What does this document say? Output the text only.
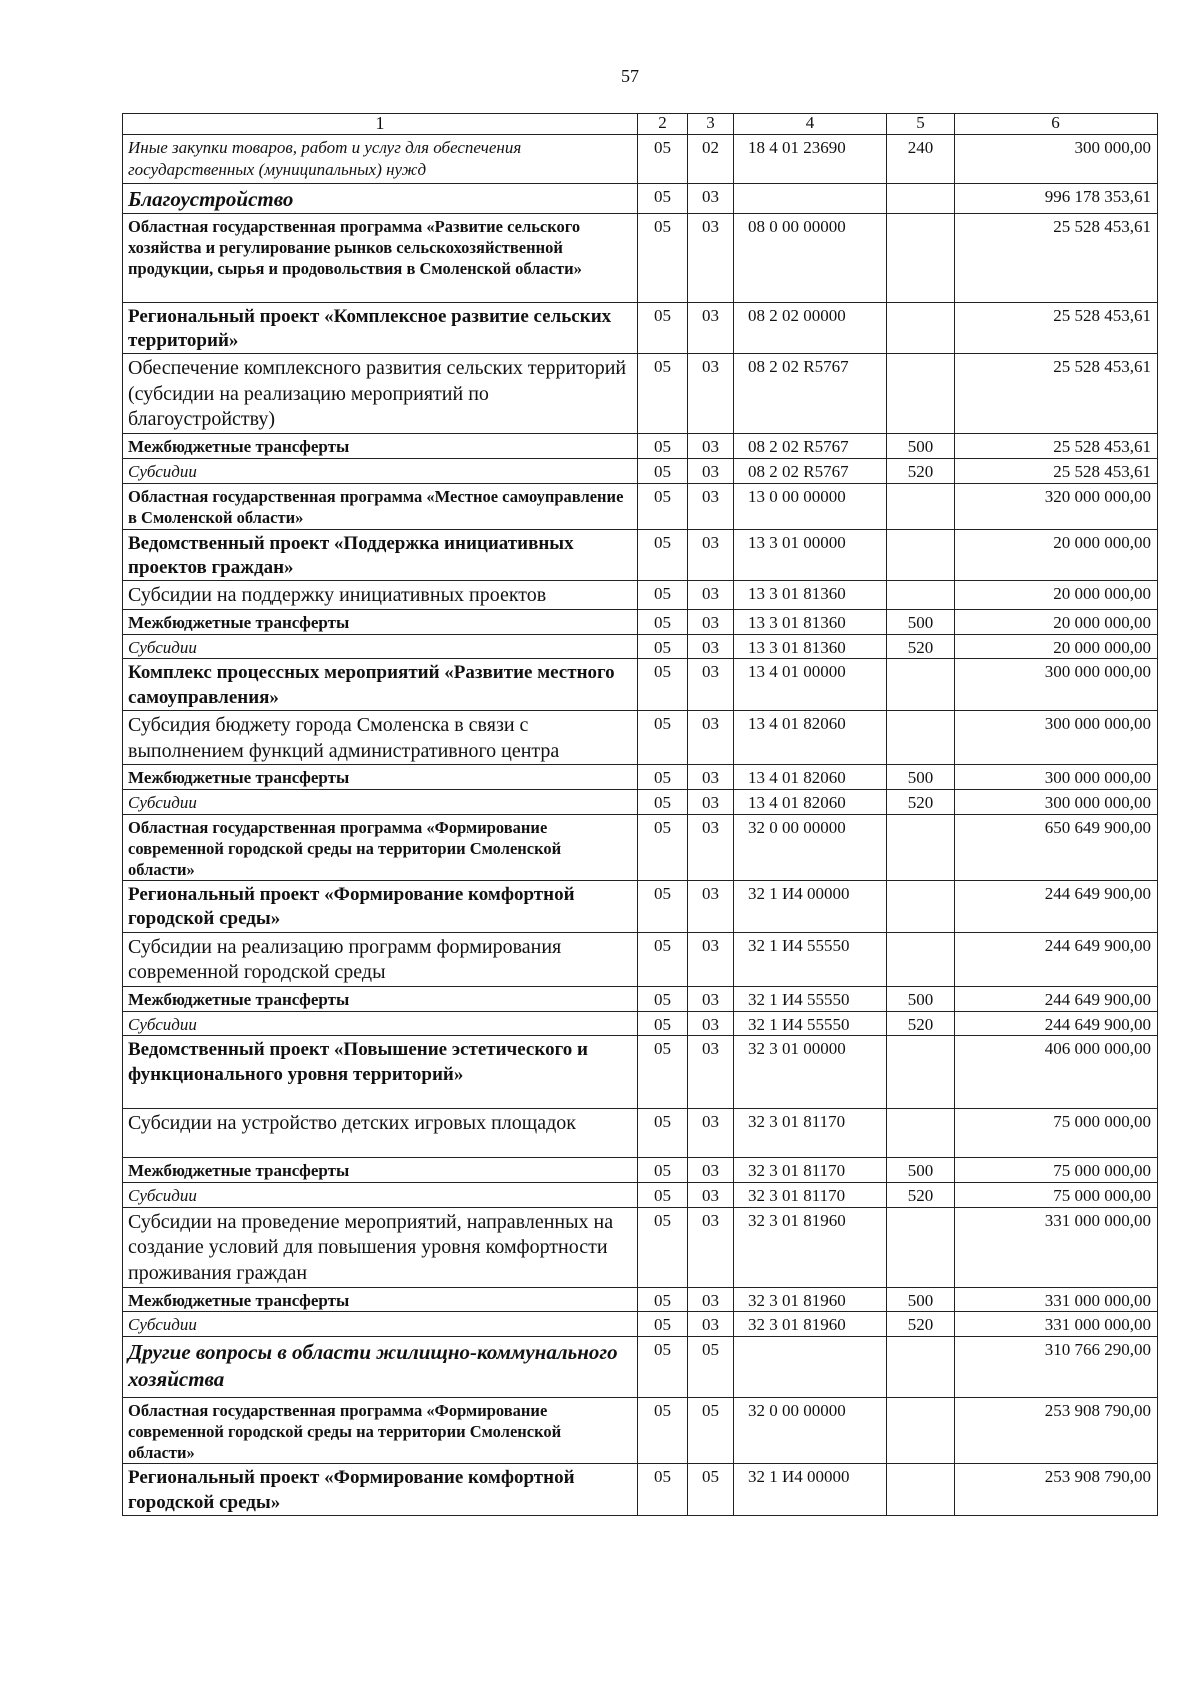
57
1	2	3	4	5	6
Иные закупки товаров, работ и услуг для обеспечения государственных (муниципальных) нужд	05	02	18 4 01 23690	240	300 000,00
Благоустройство	05	03			996 178 353,61
Областная государственная программа «Развитие сельского хозяйства и регулирование рынков сельскохозяйственной продукции, сырья и продовольствия в Смоленской области»	05	03	08 0 00 00000		25 528 453,61
Региональный проект «Комплексное развитие сельских территорий»	05	03	08 2 02 00000		25 528 453,61
Обеспечение комплексного развития сельских территорий (субсидии на реализацию мероприятий по благоустройству)	05	03	08 2 02 R5767		25 528 453,61
Межбюджетные трансферты	05	03	08 2 02 R5767	500	25 528 453,61
Субсидии	05	03	08 2 02 R5767	520	25 528 453,61
Областная государственная программа «Местное самоуправление в Смоленской области»	05	03	13 0 00 00000		320 000 000,00
Ведомственный проект «Поддержка инициативных проектов граждан»	05	03	13 3 01 00000		20 000 000,00
Субсидии на поддержку инициативных проектов	05	03	13 3 01 81360		20 000 000,00
Межбюджетные трансферты	05	03	13 3 01 81360	500	20 000 000,00
Субсидии	05	03	13 3 01 81360	520	20 000 000,00
Комплекс процессных мероприятий «Развитие местного самоуправления»	05	03	13 4 01 00000		300 000 000,00
Субсидия бюджету города Смоленска в связи с выполнением функций административного центра	05	03	13 4 01 82060		300 000 000,00
Межбюджетные трансферты	05	03	13 4 01 82060	500	300 000 000,00
Субсидии	05	03	13 4 01 82060	520	300 000 000,00
Областная государственная программа «Формирование современной городской среды на территории Смоленской области»	05	03	32 0 00 00000		650 649 900,00
Региональный проект «Формирование комфортной городской среды»	05	03	32 1 И4 00000		244 649 900,00
Субсидии на реализацию программ формирования современной городской среды	05	03	32 1 И4 55550		244 649 900,00
Межбюджетные трансферты	05	03	32 1 И4 55550	500	244 649 900,00
Субсидии	05	03	32 1 И4 55550	520	244 649 900,00
Ведомственный проект «Повышение эстетического и функционального уровня территорий»	05	03	32 3 01 00000		406 000 000,00
Субсидии на устройство детских игровых площадок	05	03	32 3 01 81170		75 000 000,00
Межбюджетные трансферты	05	03	32 3 01 81170	500	75 000 000,00
Субсидии	05	03	32 3 01 81170	520	75 000 000,00
Субсидии на проведение мероприятий, направленных на создание условий для повышения уровня комфортности проживания граждан	05	03	32 3 01 81960		331 000 000,00
Межбюджетные трансферты	05	03	32 3 01 81960	500	331 000 000,00
Субсидии	05	03	32 3 01 81960	520	331 000 000,00
Другие вопросы в области жилищно-коммунального хозяйства	05	05			310 766 290,00
Областная государственная программа «Формирование современной городской среды на территории Смоленской области»	05	05	32 0 00 00000		253 908 790,00
Региональный проект «Формирование комфортной городской среды»	05	05	32 1 И4 00000		253 908 790,00
